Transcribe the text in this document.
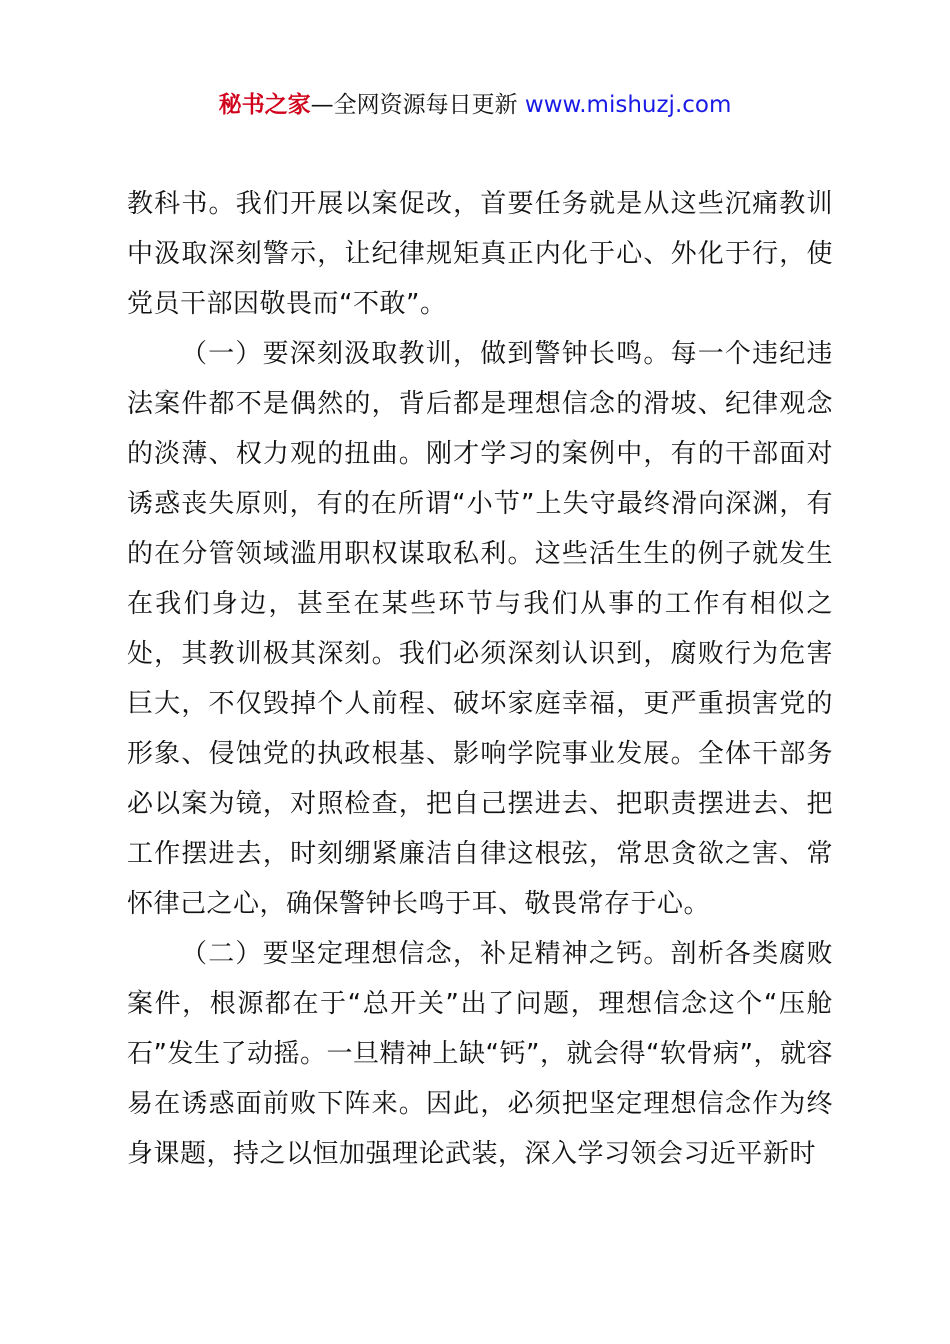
秘书之家—全网资源每日更新 www.mishuzj.com

教科书。我们开展以案促改，首要任务就是从这些沉痛教训中汲取深刻警示，让纪律规矩真正内化于心、外化于行，使党员干部因敬畏而“不敢”。

（一）要深刻汲取教训，做到警钟长鸣。每一个违纪违法案件都不是偶然的，背后都是理想信念的滑坡、纪律观念的淡薄、权力观的扭曲。刚才学习的案例中，有的干部面对诱惑丧失原则，有的在所谓“小节”上失守最终滑向深渊，有的在分管领域滥用职权谋取私利。这些活生生的例子就发生在我们身边，甚至在某些环节与我们从事的工作有相似之处，其教训极其深刻。我们必须深刻认识到，腐败行为危害巨大，不仅毁掉个人前程、破坏家庭幸福，更严重损害党的形象、侵蚀党的执政根基、影响学院事业发展。全体干部务必以案为镜，对照检查，把自己摆进去、把职责摆进去、把工作摆进去，时刻绷紧廉洁自律这根弦，常思贪欲之害、常怀律己之心，确保警钟长鸣于耳、敬畏常存于心。

（二）要坚定理想信念，补足精神之钙。剖析各类腐败案件，根源都在于“总开关”出了问题，理想信念这个“压舱石”发生了动摇。一旦精神上缺“钙”，就会得“软骨病”，就容易在诱惑面前败下阵来。因此，必须把坚定理想信念作为终身课题，持之以恒加强理论武装，深入学习领会习近平新时
